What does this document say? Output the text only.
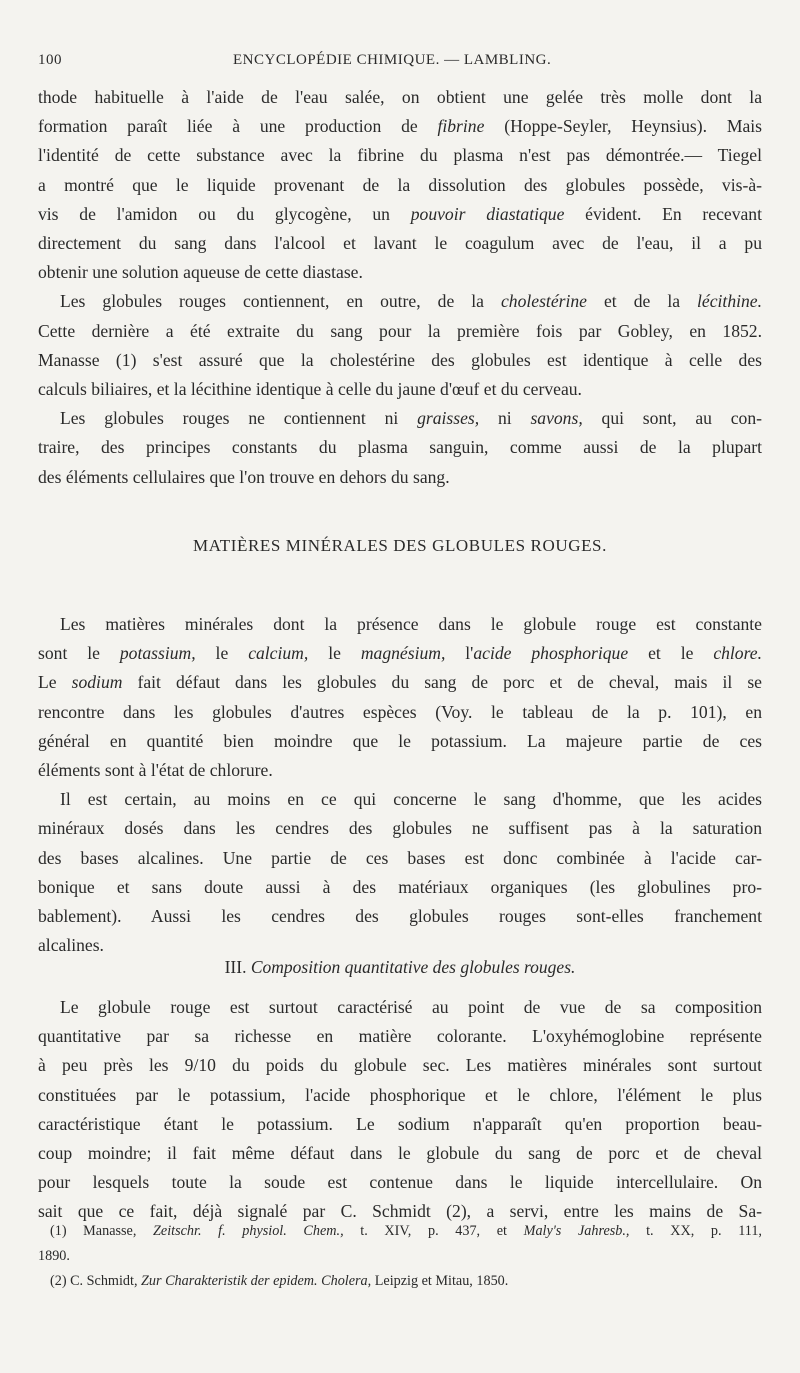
100	ENCYCLOPÉDIE CHIMIQUE. — LAMBLING.

thode habituelle à l'aide de l'eau salée, on obtient une gelée très molle dont la
formation paraît liée à une production de fibrine (Hoppe-Seyler, Heynsius). Mais
l'identité de cette substance avec la fibrine du plasma n'est pas démontrée.— Tiegel
a montré que le liquide provenant de la dissolution des globules possède, vis-à-
vis de l'amidon ou du glycogène, un pouvoir diastatique évident. En recevant
directement du sang dans l'alcool et lavant le coagulum avec de l'eau, il a pu
obtenir une solution aqueuse de cette diastase.

Les globules rouges contiennent, en outre, de la cholestérine et de la lécithine.
Cette dernière a été extraite du sang pour la première fois par Gobley, en 1852.
Manasse (1) s'est assuré que la cholestérine des globules est identique à celle des
calculs biliaires, et la lécithine identique à celle du jaune d'œuf et du cerveau.

Les globules rouges ne contiennent ni graisses, ni savons, qui sont, au con-
traire, des principes constants du plasma sanguin, comme aussi de la plupart
des éléments cellulaires que l'on trouve en dehors du sang.

MATIÈRES MINÉRALES DES GLOBULES ROUGES.

Les matières minérales dont la présence dans le globule rouge est constante
sont le potassium, le calcium, le magnésium, l'acide phosphorique et le chlore.
Le sodium fait défaut dans les globules du sang de porc et de cheval, mais il se
rencontre dans les globules d'autres espèces (Voy. le tableau de la p. 101), en
général en quantité bien moindre que le potassium. La majeure partie de ces
éléments sont à l'état de chlorure.

Il est certain, au moins en ce qui concerne le sang d'homme, que les acides
minéraux dosés dans les cendres des globules ne suffisent pas à la saturation
des bases alcalines. Une partie de ces bases est donc combinée à l'acide car-
bonique et sans doute aussi à des matériaux organiques (les globulines pro-
bablement). Aussi les cendres des globules rouges sont-elles franchement
alcalines.

III. Composition quantitative des globules rouges.

Le globule rouge est surtout caractérisé au point de vue de sa composition
quantitative par sa richesse en matière colorante. L'oxyhémoglobine représente
à peu près les 9/10 du poids du globule sec. Les matières minérales sont surtout
constituées par le potassium, l'acide phosphorique et le chlore, l'élément le plus
caractéristique étant le potassium. Le sodium n'apparaît qu'en proportion beau-
coup moindre; il fait même défaut dans le globule du sang de porc et de cheval
pour lesquels toute la soude est contenue dans le liquide intercellulaire. On
sait que ce fait, déjà signalé par C. Schmidt (2), a servi, entre les mains de Sa-

(1) Manasse, Zeitschr. f. physiol. Chem., t. XIV, p. 437, et Maly's Jahresb., t. XX, p. 111,
1890.
(2) C. Schmidt, Zur Charakteristik der epidem. Cholera, Leipzig et Mitau, 1850.
